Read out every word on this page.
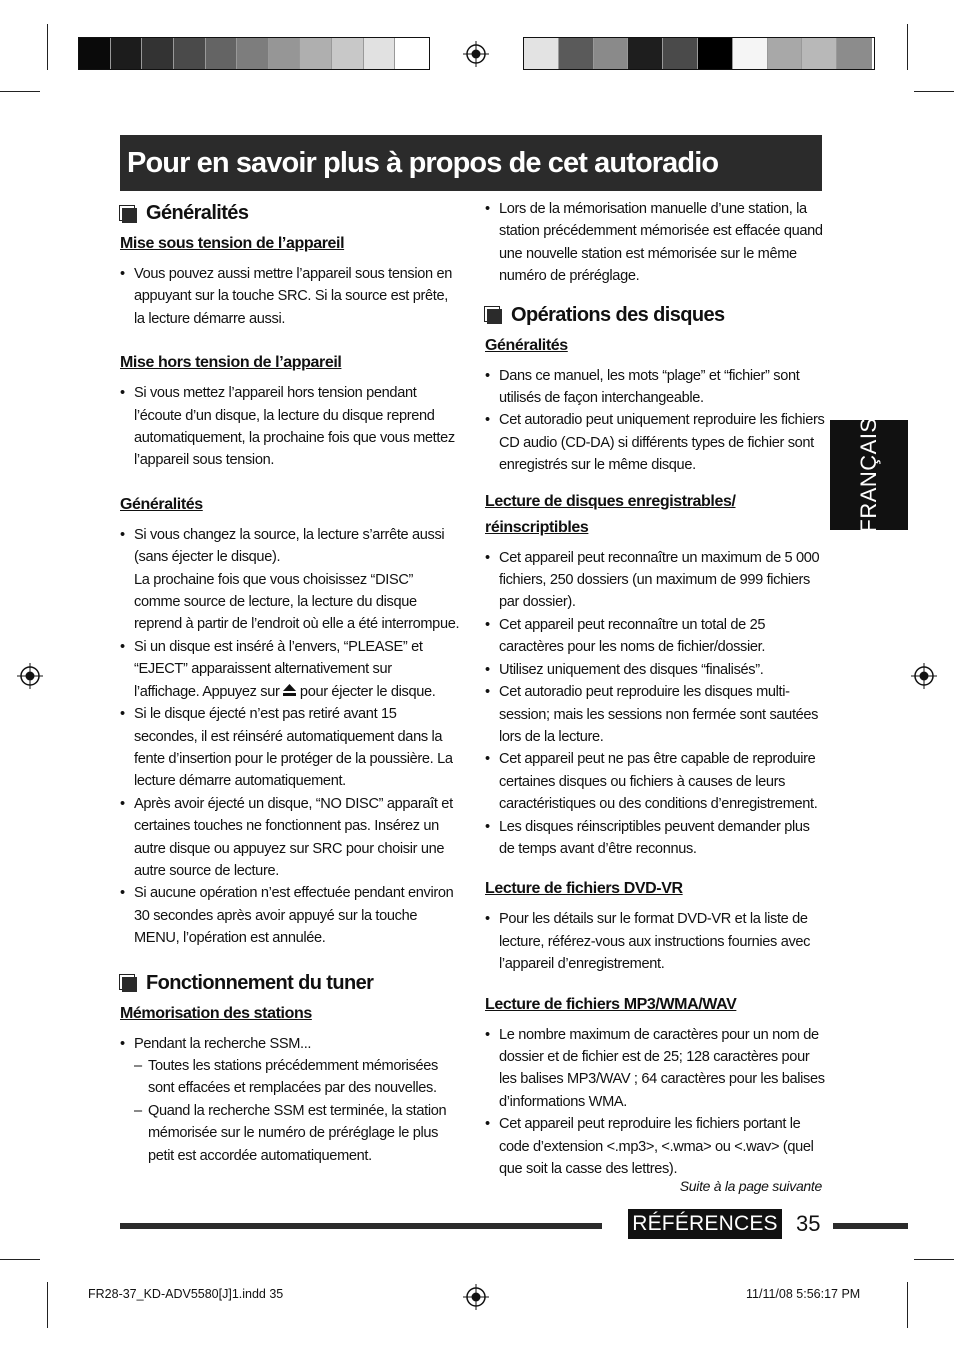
Pour en savoir plus à propos de cet autoradio
Généralités
Mise sous tension de l’appareil
• Vous pouvez aussi mettre l’appareil sous tension en appuyant sur la touche SRC. Si la source est prête, la lecture démarre aussi.
Mise hors tension de l’appareil
• Si vous mettez l’appareil hors tension pendant l’écoute d’un disque, la lecture du disque reprend automatiquement, la prochaine fois que vous mettez l’appareil sous tension.
Généralités
• Si vous changez la source, la lecture s’arrête aussi (sans éjecter le disque).
La prochaine fois que vous choisissez “DISC” comme source de lecture, la lecture du disque reprend à partir de l’endroit où elle a été interrompue.
• Si un disque est inséré à l’envers, “PLEASE” et “EJECT” apparaissent alternativement sur l’affichage. Appuyez sur pour éjecter le disque.
• Si le disque éjecté n’est pas retiré avant 15 secondes, il est réinséré automatiquement dans la fente d’insertion pour le protéger de la poussière. La lecture démarre automatiquement.
• Après avoir éjecté un disque, “NO DISC” apparaît et certaines touches ne fonctionnent pas. Insérez un autre disque ou appuyez sur SRC pour choisir une autre source de lecture.
• Si aucune opération n’est effectuée pendant environ 30 secondes après avoir appuyé sur la touche MENU, l’opération est annulée.
Fonctionnement du tuner
Mémorisation des stations
• Pendant la recherche SSM...
– Toutes les stations précédemment mémorisées sont effacées et remplacées par des nouvelles.
– Quand la recherche SSM est terminée, la station mémorisée sur le numéro de préréglage le plus petit est accordée automatiquement.
• Lors de la mémorisation manuelle d’une station, la station précédemment mémorisée est effacée quand une nouvelle station est mémorisée sur le même numéro de préréglage.
Opérations des disques
Généralités
• Dans ce manuel, les mots “plage” et “fichier” sont utilisés de façon interchangeable.
• Cet autoradio peut uniquement reproduire les fichiers CD audio (CD-DA) si différents types de fichier sont enregistrés sur le même disque.
Lecture de disques enregistrables/
réinscriptibles
• Cet appareil peut reconnaître un maximum de 5 000 fichiers, 250 dossiers (un maximum de 999 fichiers par dossier).
• Cet appareil peut reconnaître un total de 25 caractères pour les noms de fichier/dossier.
• Utilisez uniquement des disques “finalisés”.
• Cet autoradio peut reproduire les disques multi-session; mais les sessions non fermée sont sautées lors de la lecture.
• Cet appareil peut ne pas être capable de reproduire certaines disques ou fichiers à causes de leurs caractéristiques ou des conditions d’enregistrement.
• Les disques réinscriptibles peuvent demander plus de temps avant d’être reconnus.
Lecture de fichiers DVD-VR
• Pour les détails sur le format DVD-VR et la liste de lecture, référez-vous aux instructions fournies avec l’appareil d’enregistrement.
Lecture de fichiers MP3/WMA/WAV
• Le nombre maximum de caractères pour un nom de dossier et de fichier est de 25; 128 caractères pour les balises MP3/WAV ; 64 caractères pour les balises d’informations WMA.
• Cet appareil peut reproduire les fichiers portant le code d’extension <.mp3>, <.wma> ou <.wav> (quel que soit la casse des lettres).
FRANÇAIS
Suite à la page suivante
RÉFÉRENCES 35
FR28-37_KD-ADV5580[J]1.indd 35	11/11/08 5:56:17 PM
